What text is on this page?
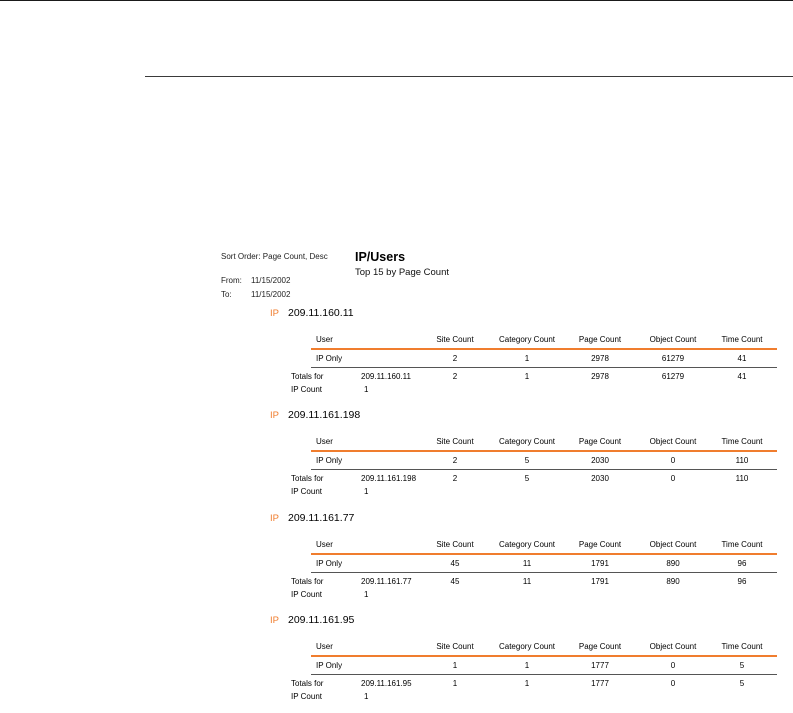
Sort Order: Page Count, Desc IP/Users
Top 15 by Page Count
From: 11/15/2002
To: 11/15/2002
IP 209.11.160.11
User	Site Count	Category Count	Page Count	Object Count	Time Count
IP Only	2	1	2978	61279	41
Totals for	209.11.160.11	2	1	2978	61279	41
IP Count	1
IP 209.11.161.198
User	Site Count	Category Count	Page Count	Object Count	Time Count
IP Only	2	5	2030	0	110
Totals for	209.11.161.198	2	5	2030	0	110
IP Count	1
IP 209.11.161.77
User	Site Count	Category Count	Page Count	Object Count	Time Count
IP Only	45	11	1791	890	96
Totals for	209.11.161.77	45	11	1791	890	96
IP Count	1
IP 209.11.161.95
User	Site Count	Category Count	Page Count	Object Count	Time Count
IP Only	1	1	1777	0	5
Totals for	209.11.161.95	1	1	1777	0	5
IP Count	1
